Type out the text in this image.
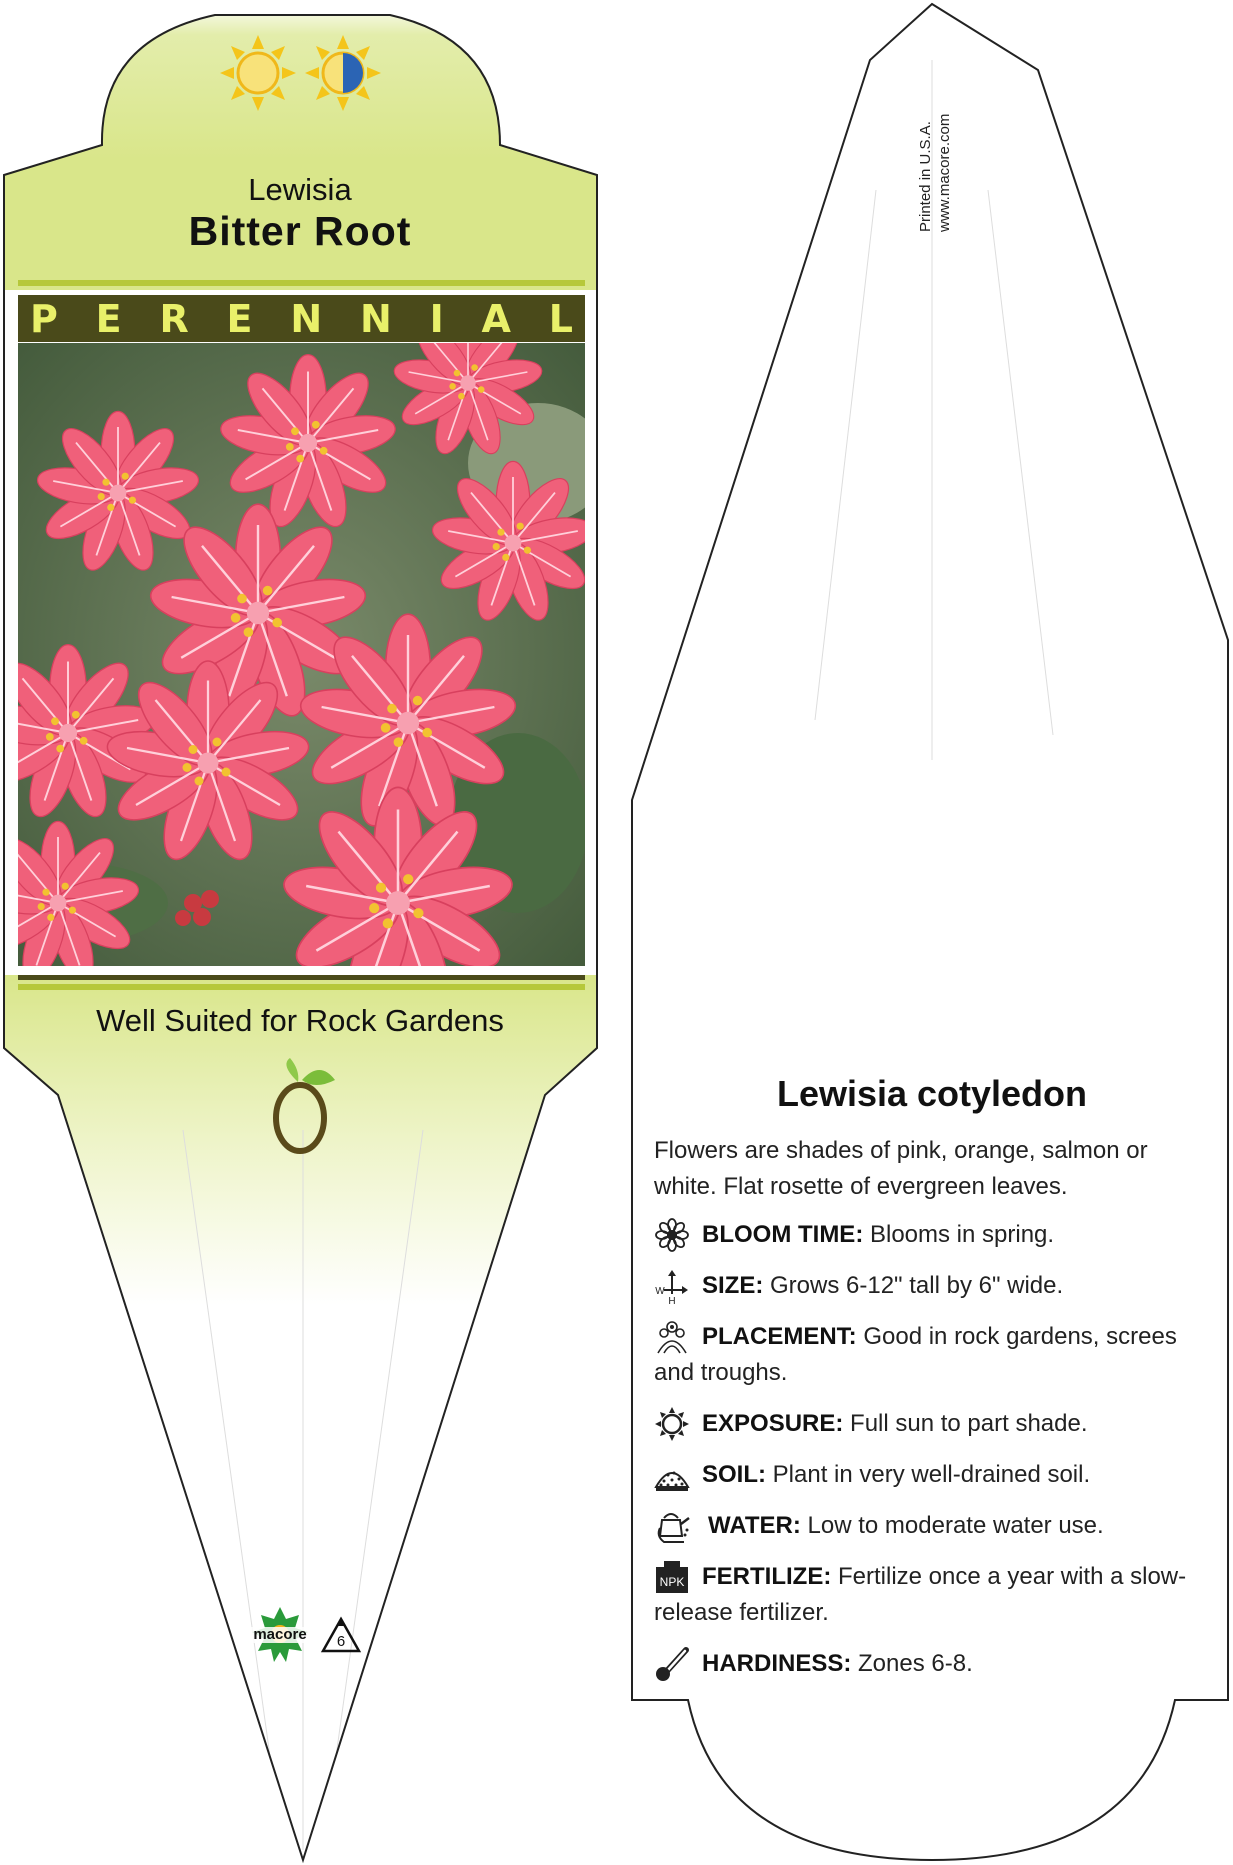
Lewisia
Bitter Root
P E R E N N I A L
Well Suited for Rock Gardens
macore 6
Printed in U.S.A. www.macore.com
Lewisia cotyledon
Flowers are shades of pink, orange, salmon or white. Flat rosette of evergreen leaves.
BLOOM TIME: Blooms in spring.
W
H
SIZE: Grows 6-12" tall by 6" wide.
PLACEMENT: Good in rock gardens, screes and troughs.
EXPOSURE: Full sun to part shade.
SOIL: Plant in very well-drained soil.
WATER: Low to moderate water use.
NPK FERTILIZE: Fertilize once a year with a slow-release fertilizer.
HARDINESS: Zones 6-8.
